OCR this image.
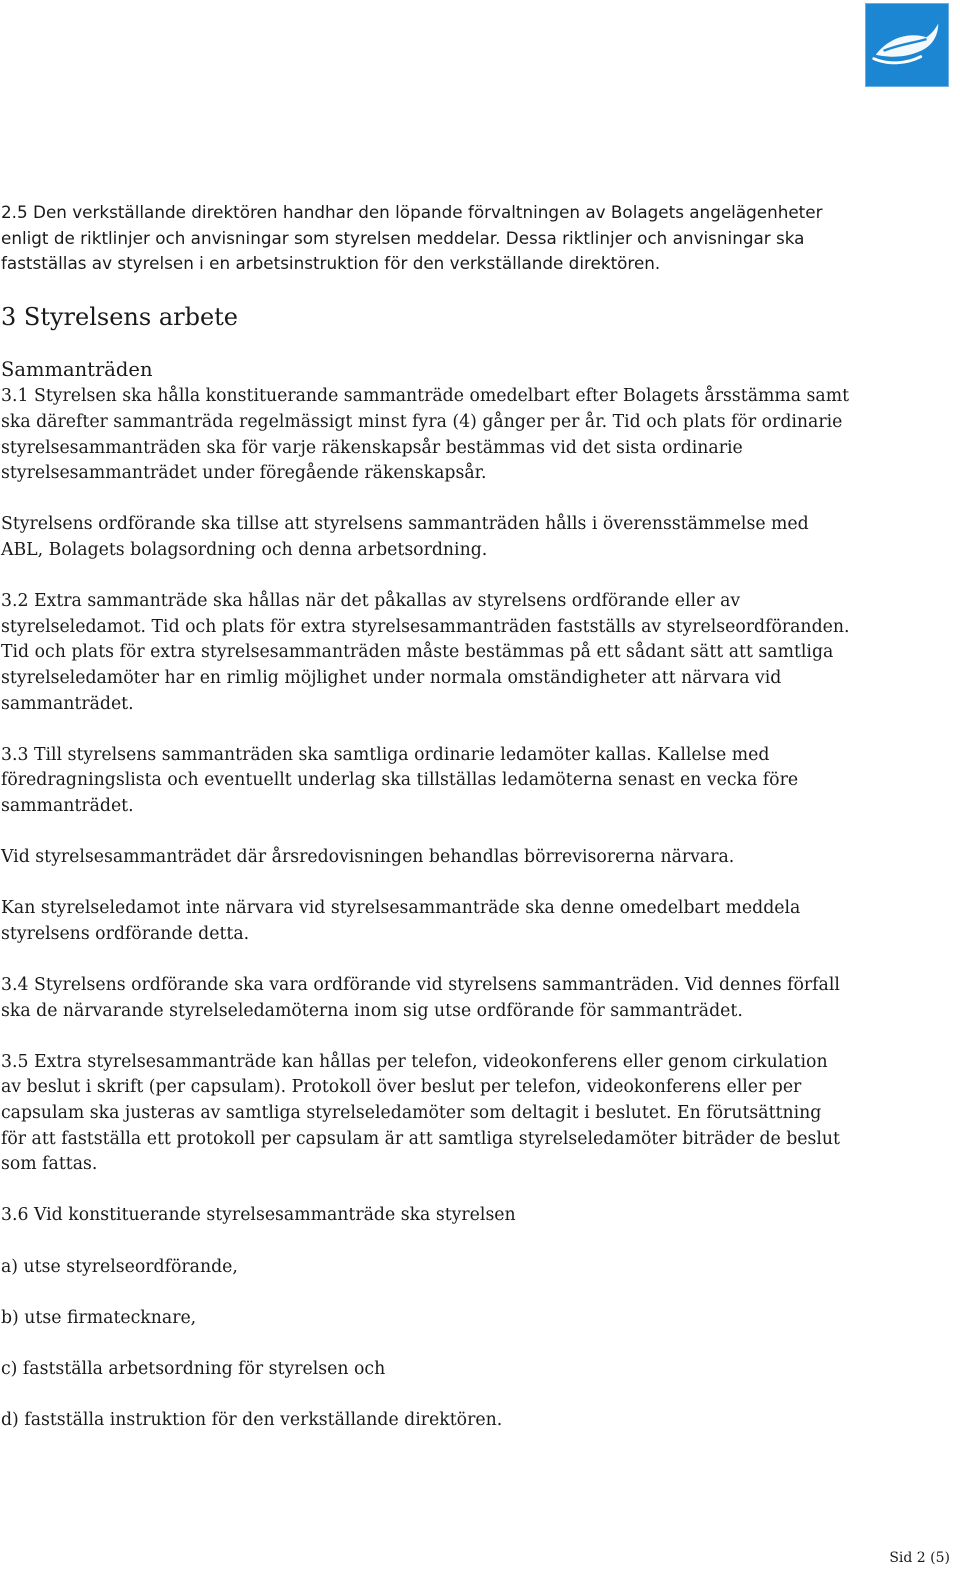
2.5 Den verkställande direktören handhar den löpande förvaltningen av Bolagets angelägenheter enligt de riktlinjer och anvisningar som styrelsen meddelar. Dessa riktlinjer och anvisningar ska fastställas av styrelsen i en arbetsinstruktion för den verkställande direktören.

3 Styrelsens arbete
Sammanträden

3.1 Styrelsen ska hålla konstituerande sammanträde omedelbart efter Bolagets årsstämma samt ska därefter sammanträda regelmässigt minst fyra (4) gånger per år. Tid och plats för ordinarie styrelsesammanträden ska för varje räkenskapsår bestämmas vid det sista ordinarie styrelsesammanträdet under föregående räkenskapsår.

Styrelsens ordförande ska tillse att styrelsens sammanträden hålls i överensstämmelse med ABL, Bolagets bolagsordning och denna arbetsordning.

3.2 Extra sammanträde ska hållas när det påkallas av styrelsens ordförande eller av styrelseledamot. Tid och plats för extra styrelsesammanträden fastställs av styrelseordföranden. Tid och plats för extra styrelsesammanträden måste bestämmas på ett sådant sätt att samtliga styrelseledamöter har en rimlig möjlighet under normala omständigheter att närvara vid sammanträdet.

3.3 Till styrelsens sammanträden ska samtliga ordinarie ledamöter kallas. Kallelse med föredragningslista och eventuellt underlag ska tillställas ledamöterna senast en vecka före sammanträdet.

Vid styrelsesammanträdet där årsredovisningen behandlas börrevisorerna närvara.

Kan styrelseledamot inte närvara vid styrelsesammanträde ska denne omedelbart meddela styrelsens ordförande detta.

3.4 Styrelsens ordförande ska vara ordförande vid styrelsens sammanträden. Vid dennes förfall ska de närvarande styrelseledamöterna inom sig utse ordförande för sammanträdet.

3.5 Extra styrelsesammanträde kan hållas per telefon, videokonferens eller genom cirkulation av beslut i skrift (per capsulam). Protokoll över beslut per telefon, videokonferens eller per capsulam ska justeras av samtliga styrelseledamöter som deltagit i beslutet. En förutsättning för att fastställa ett protokoll per capsulam är att samtliga styrelseledamöter biträder de beslut som fattas.

3.6 Vid konstituerande styrelsesammanträde ska styrelsen

a) utse styrelseordförande,

b) utse firmatecknare,

c) fastställa arbetsordning för styrelsen och

d) fastställa instruktion för den verkställande direktören.

Sid 2 (5)
